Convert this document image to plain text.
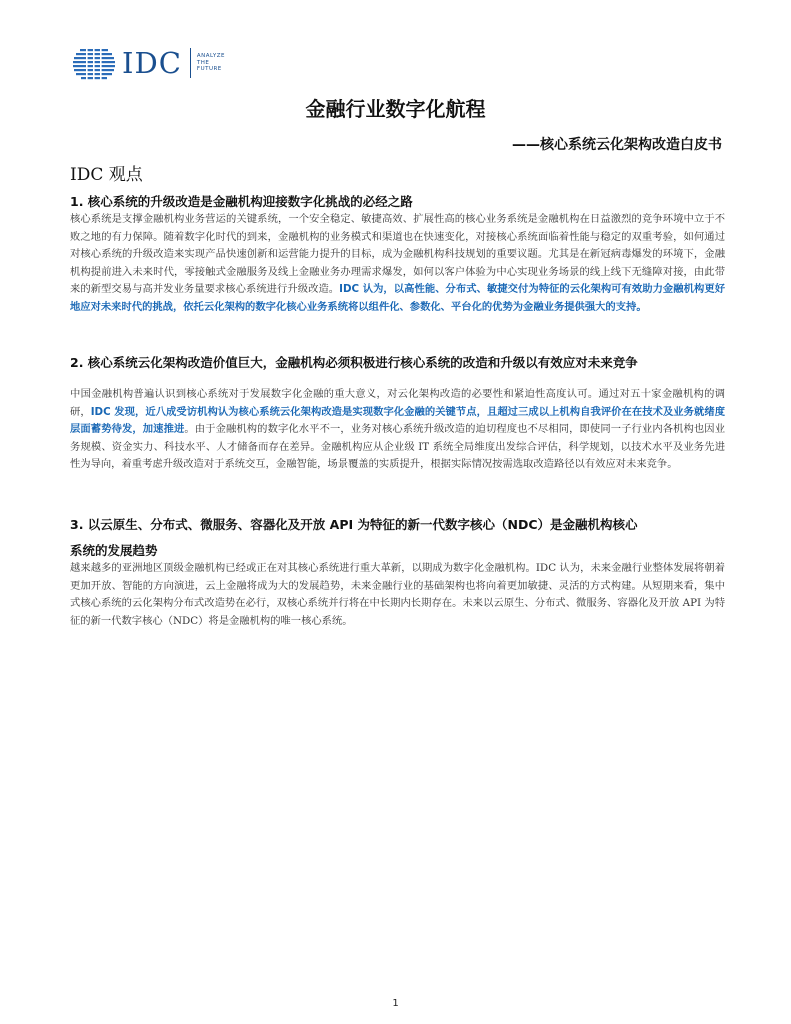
IDC	ANALYZE
THE
FUTURE
金融行业数字化航程
——核心系统云化架构改造白皮书
IDC 观点
1. 核心系统的升级改造是金融机构迎接数字化挑战的必经之路
核心系统是支撑金融机构业务营运的关键系统，一个安全稳定、敏捷高效、扩展性高的核心业务系统是金融机构在日益激烈的竞争环境中立于不败之地的有力保障。随着数字化时代的到来，金融机构的业务模式和渠道也在快速变化，对接核心系统面临着性能与稳定的双重考验，如何通过对核心系统的升级改造来实现产品快速创新和运营能力提升的目标，成为金融机构科技规划的重要议题。尤其是在新冠病毒爆发的环境下，金融机构提前进入未来时代，零接触式金融服务及线上金融业务办理需求爆发，如何以客户体验为中心实现业务场景的线上线下无缝障对接，由此带来的新型交易与高并发业务量要求核心系统进行升级改造。IDC 认为，以高性能、分布式、敏捷交付为特征的云化架构可有效助力金融机构更好地应对未来时代的挑战，依托云化架构的数字化核心业务系统将以组件化、参数化、平台化的优势为金融业务提供强大的支持。
2. 核心系统云化架构改造价值巨大，金融机构必须积极进行核心系统的改造和升级以有效应对未来竞争
中国金融机构普遍认识到核心系统对于发展数字化金融的重大意义，对云化架构改造的必要性和紧迫性高度认可。通过对五十家金融机构的调研，IDC 发现，近八成受访机构认为核心系统云化架构改造是实现数字化金融的关键节点，且超过三成以上机构自我评价在在技术及业务就绪度层面蓄势待发，加速推进。由于金融机构的数字化水平不一，业务对核心系统升级改造的迫切程度也不尽相同，即使同一子行业内各机构也因业务规模、资金实力、科技水平、人才储备而存在差异。金融机构应从企业级 IT 系统全局维度出发综合评估，科学规划，以技术水平及业务先进性为导向，着重考虑升级改造对于系统交互，金融智能，场景覆盖的实质提升，根据实际情况按需选取改造路径以有效应对未来竞争。
3. 以云原生、分布式、微服务、容器化及开放 API 为特征的新一代数字核心（NDC）是金融机构核心
系统的发展趋势
越来越多的亚洲地区顶级金融机构已经或正在对其核心系统进行重大革新，以期成为数字化金融机构。IDC 认为，未来金融行业整体发展将朝着更加开放、智能的方向演进，云上金融将成为大的发展趋势，未来金融行业的基础架构也将向着更加敏捷、灵活的方式构建。从短期来看，集中式核心系统的云化架构分布式改造势在必行，双核心系统并行将在中长期内长期存在。未来以云原生、分布式、微服务、容器化及开放 API 为特征的新一代数字核心（NDC）将是金融机构的唯一核心系统。
1
